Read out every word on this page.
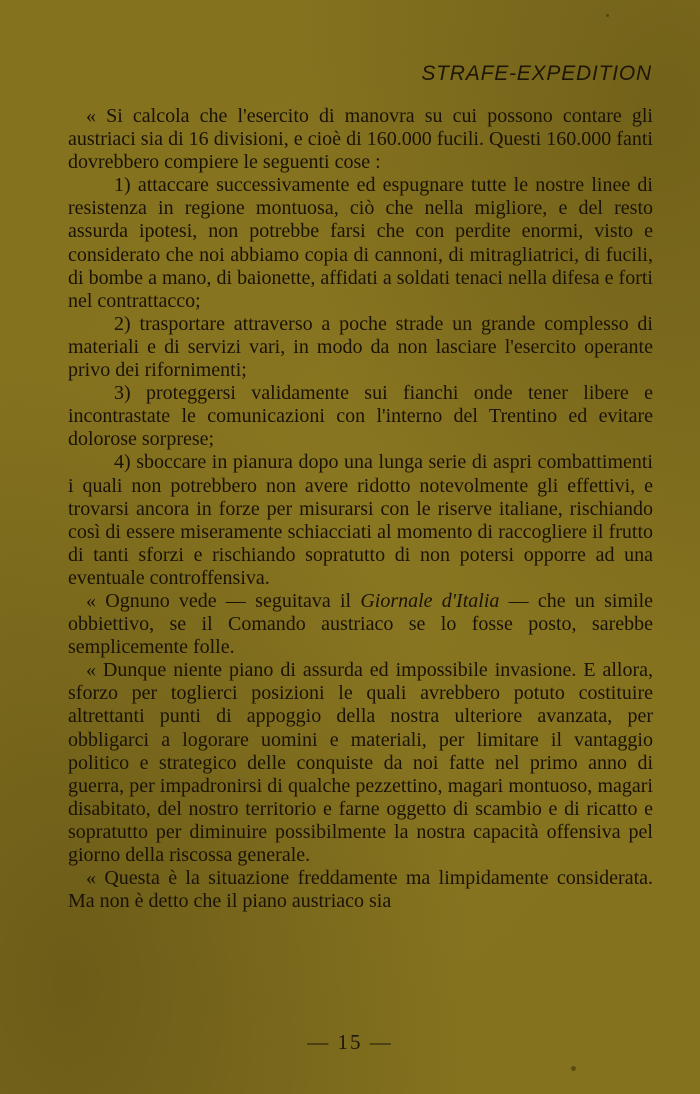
STRAFE-EXPEDITION

« Si calcola che l'esercito di manovra su cui possono contare gli austriaci sia di 16 divisioni, e cioè di 160.000 fucili. Questi 160.000 fanti dovrebbero compiere le seguenti cose :

1) attaccare successivamente ed espugnare tutte le nostre linee di resistenza in regione montuosa, ciò che nella migliore, e del resto assurda ipotesi, non potrebbe farsi che con perdite enormi, visto e considerato che noi abbiamo copia di cannoni, di mitragliatrici, di fucili, di bombe a mano, di baionette, affidati a soldati tenaci nella difesa e forti nel contrattacco;

2) trasportare attraverso a poche strade un grande complesso di materiali e di servizi vari, in modo da non lasciare l'esercito operante privo dei rifornimenti;

3) proteggersi validamente sui fianchi onde tener libere e incontrastate le comunicazioni con l'interno del Trentino ed evitare dolorose sorprese;

4) sboccare in pianura dopo una lunga serie di aspri combattimenti i quali non potrebbero non avere ridotto notevolmente gli effettivi, e trovarsi ancora in forze per misurarsi con le riserve italiane, rischiando così di essere miseramente schiacciati al momento di raccogliere il frutto di tanti sforzi e rischiando sopratutto di non potersi opporre ad una eventuale controffensiva.

« Ognuno vede — seguitava il Giornale d'Italia — che un simile obbiettivo, se il Comando austriaco se lo fosse posto, sarebbe semplicemente folle.

« Dunque niente piano di assurda ed impossibile invasione. E allora, sforzo per toglierci posizioni le quali avrebbero potuto costituire altrettanti punti di appoggio della nostra ulteriore avanzata, per obbligarci a logorare uomini e materiali, per limitare il vantaggio politico e strategico delle conquiste da noi fatte nel primo anno di guerra, per impadronirsi di qualche pezzettino, magari montuoso, magari disabitato, del nostro territorio e farne oggetto di scambio e di ricatto e sopratutto per diminuire possibilmente la nostra capacità offensiva pel giorno della riscossa generale.

« Questa è la situazione freddamente ma limpidamente considerata. Ma non è detto che il piano austriaco sia

— 15 —
